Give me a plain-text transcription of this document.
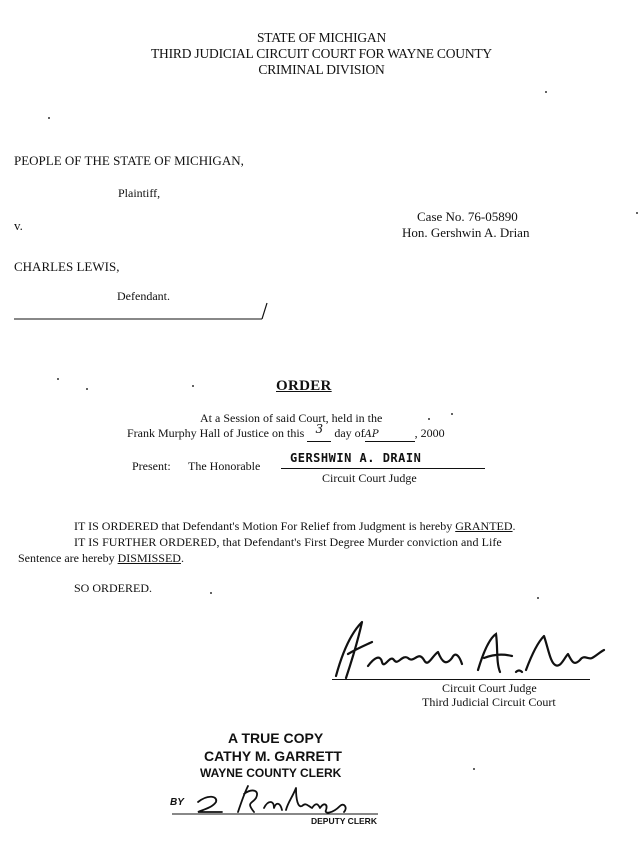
STATE OF MICHIGAN
THIRD JUDICIAL CIRCUIT COURT FOR WAYNE COUNTY
CRIMINAL DIVISION
PEOPLE OF THE STATE OF MICHIGAN,
Plaintiff,
v.
Case No. 76-05890
Hon. Gershwin A. Drian
CHARLES LEWIS,
Defendant.
ORDER
At a Session of said Court, held in the
Frank Murphy Hall of Justice on this 3 day ofAP	, 2000
Present: The Honorable
GERSHWIN A. DRAIN
Circuit Court Judge
IT IS ORDERED that Defendant's Motion For Relief from Judgment is hereby GRANTED.
IT IS FURTHER ORDERED, that Defendant's First Degree Murder conviction and Life
Sentence are hereby DISMISSED.
SO ORDERED.
Gershwin A. Drain
Circuit Court Judge
Third Judicial Circuit Court
A TRUE COPY
CATHY M. GARRETT
WAYNE COUNTY CLERK
BY
R. Randers
DEPUTY CLERK
